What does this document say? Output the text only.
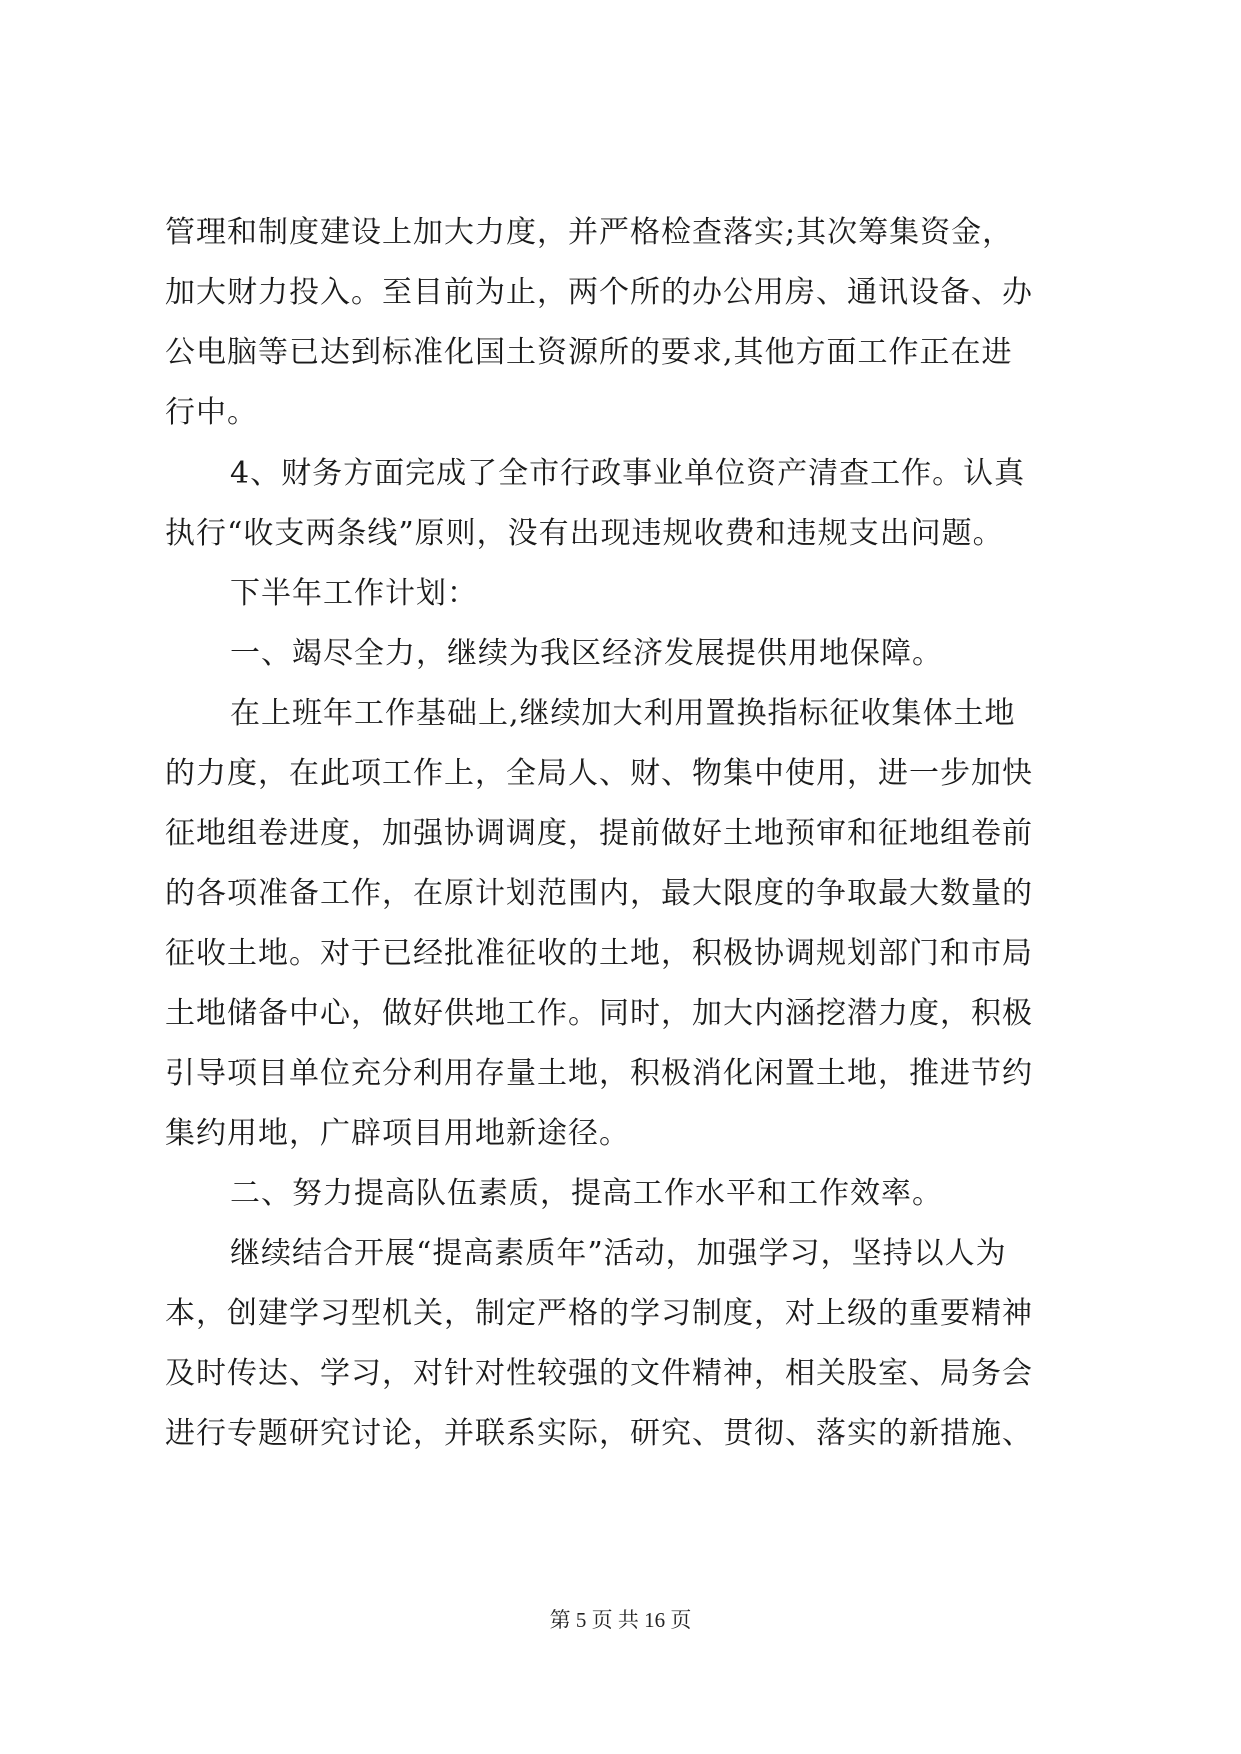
管理和制度建设上加大力度，并严格检查落实;其次筹集资金，
加大财力投入。至目前为止，两个所的办公用房、通讯设备、办
公电脑等已达到标准化国土资源所的要求,其他方面工作正在进
行中。
4、财务方面完成了全市行政事业单位资产清查工作。认真
执行“收支两条线”原则，没有出现违规收费和违规支出问题。
下半年工作计划：
一、竭尽全力，继续为我区经济发展提供用地保障。
在上班年工作基础上,继续加大利用置换指标征收集体土地
的力度，在此项工作上，全局人、财、物集中使用，进一步加快
征地组卷进度，加强协调调度，提前做好土地预审和征地组卷前
的各项准备工作，在原计划范围内，最大限度的争取最大数量的
征收土地。对于已经批准征收的土地，积极协调规划部门和市局
土地储备中心，做好供地工作。同时，加大内涵挖潜力度，积极
引导项目单位充分利用存量土地，积极消化闲置土地，推进节约
集约用地，广辟项目用地新途径。
二、努力提高队伍素质，提高工作水平和工作效率。
继续结合开展“提高素质年”活动，加强学习，坚持以人为
本，创建学习型机关，制定严格的学习制度，对上级的重要精神
及时传达、学习，对针对性较强的文件精神，相关股室、局务会
进行专题研究讨论，并联系实际，研究、贯彻、落实的新措施、
第 5 页 共 16 页
